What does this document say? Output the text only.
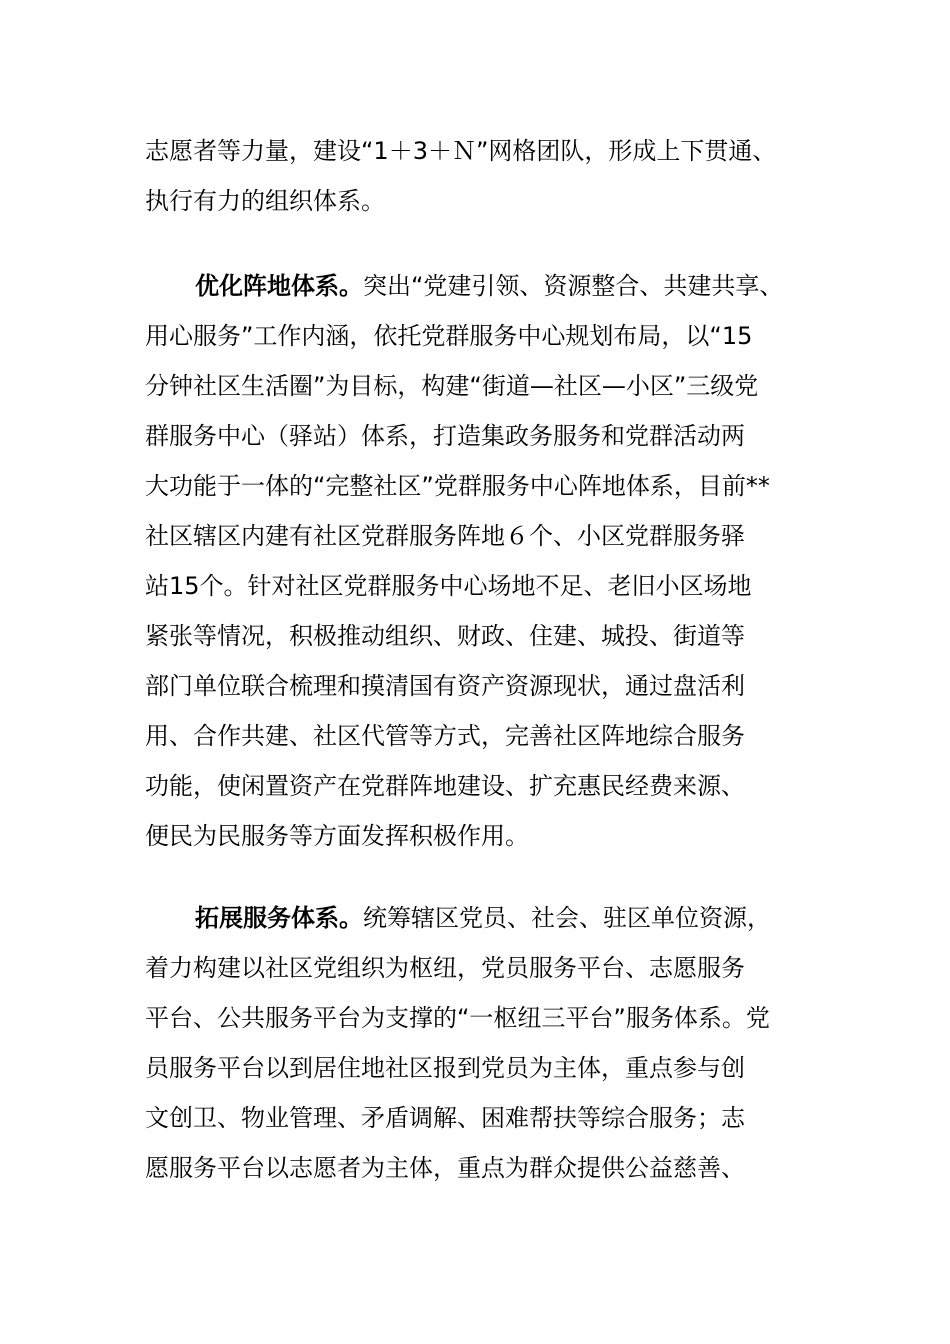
志愿者等力量，建设“1＋3＋Ｎ”网格团队，形成上下贯通、
执行有力的组织体系。
优化阵地体系。突出“党建引领、资源整合、共建共享、
用心服务”工作内涵，依托党群服务中心规划布局，以“15
分钟社区生活圈”为目标，构建“街道—社区—小区”三级党
群服务中心（驿站）体系，打造集政务服务和党群活动两
大功能于一体的“完整社区”党群服务中心阵地体系，目前**
社区辖区内建有社区党群服务阵地６个、小区党群服务驿
站15个。针对社区党群服务中心场地不足、老旧小区场地
紧张等情况，积极推动组织、财政、住建、城投、街道等
部门单位联合梳理和摸清国有资产资源现状，通过盘活利
用、合作共建、社区代管等方式，完善社区阵地综合服务
功能，使闲置资产在党群阵地建设、扩充惠民经费来源、
便民为民服务等方面发挥积极作用。
拓展服务体系。统筹辖区党员、社会、驻区单位资源，
着力构建以社区党组织为枢纽，党员服务平台、志愿服务
平台、公共服务平台为支撑的“一枢纽三平台”服务体系。党
员服务平台以到居住地社区报到党员为主体，重点参与创
文创卫、物业管理、矛盾调解、困难帮扶等综合服务；志
愿服务平台以志愿者为主体，重点为群众提供公益慈善、
